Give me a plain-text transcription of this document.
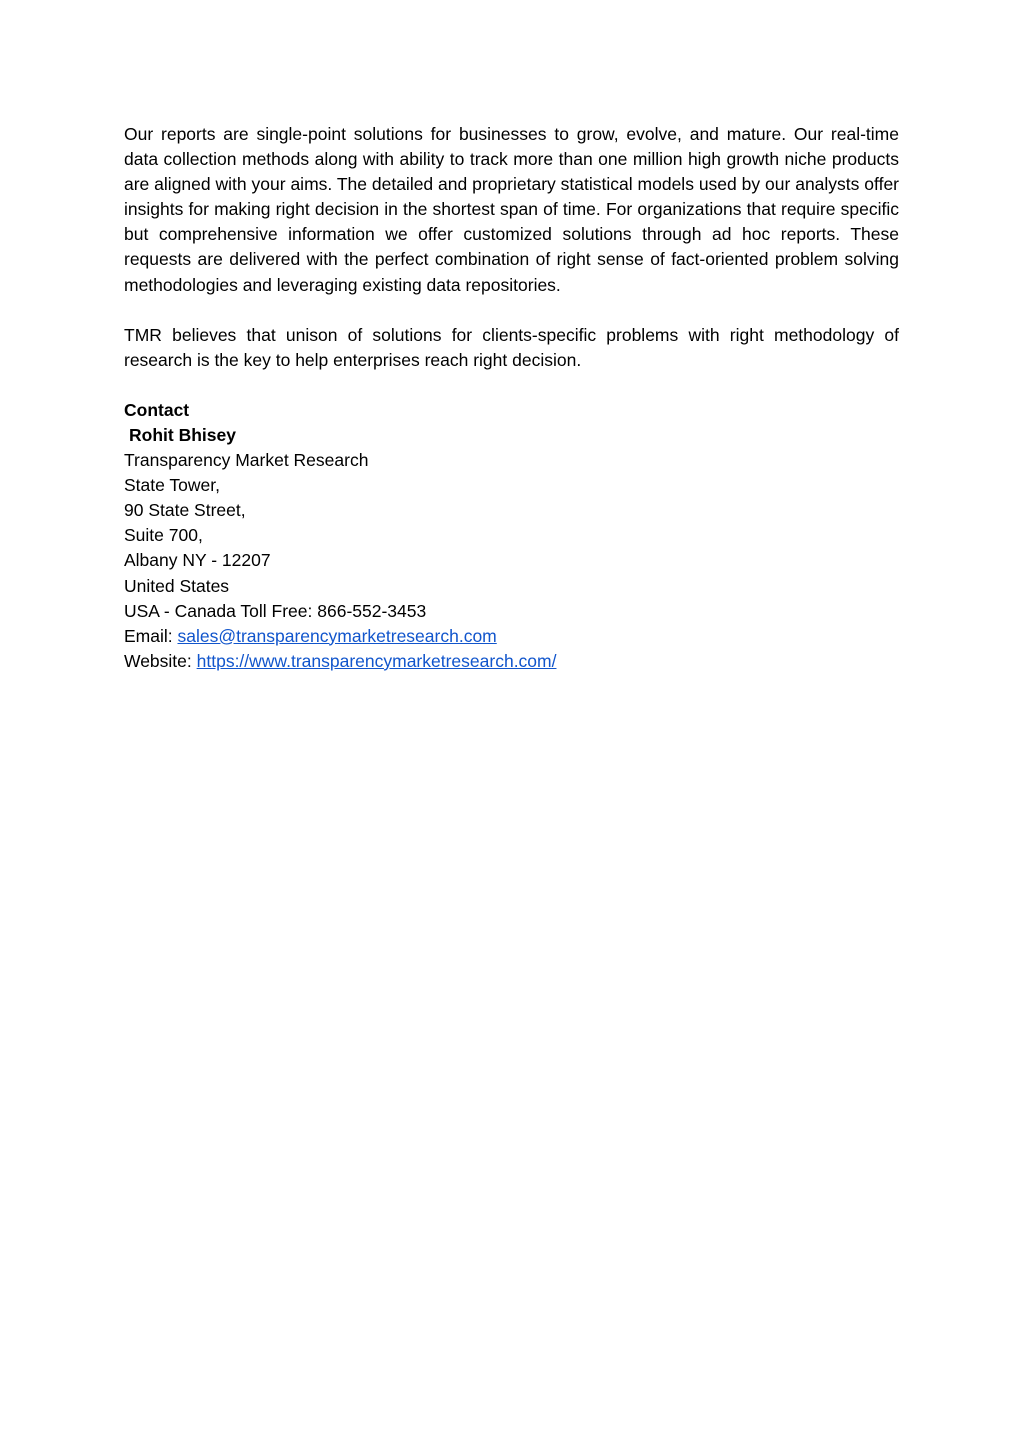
Our reports are single-point solutions for businesses to grow, evolve, and mature. Our real-time data collection methods along with ability to track more than one million high growth niche products are aligned with your aims. The detailed and proprietary statistical models used by our analysts offer insights for making right decision in the shortest span of time. For organizations that require specific but comprehensive information we offer customized solutions through ad hoc reports. These requests are delivered with the perfect combination of right sense of fact-oriented problem solving methodologies and leveraging existing data repositories.

TMR believes that unison of solutions for clients-specific problems with right methodology of research is the key to help enterprises reach right decision.

Contact
Rohit Bhisey
Transparency Market Research
State Tower,
90 State Street,
Suite 700,
Albany NY - 12207
United States
USA - Canada Toll Free: 866-552-3453
Email: sales@transparencymarketresearch.com
Website: https://www.transparencymarketresearch.com/
